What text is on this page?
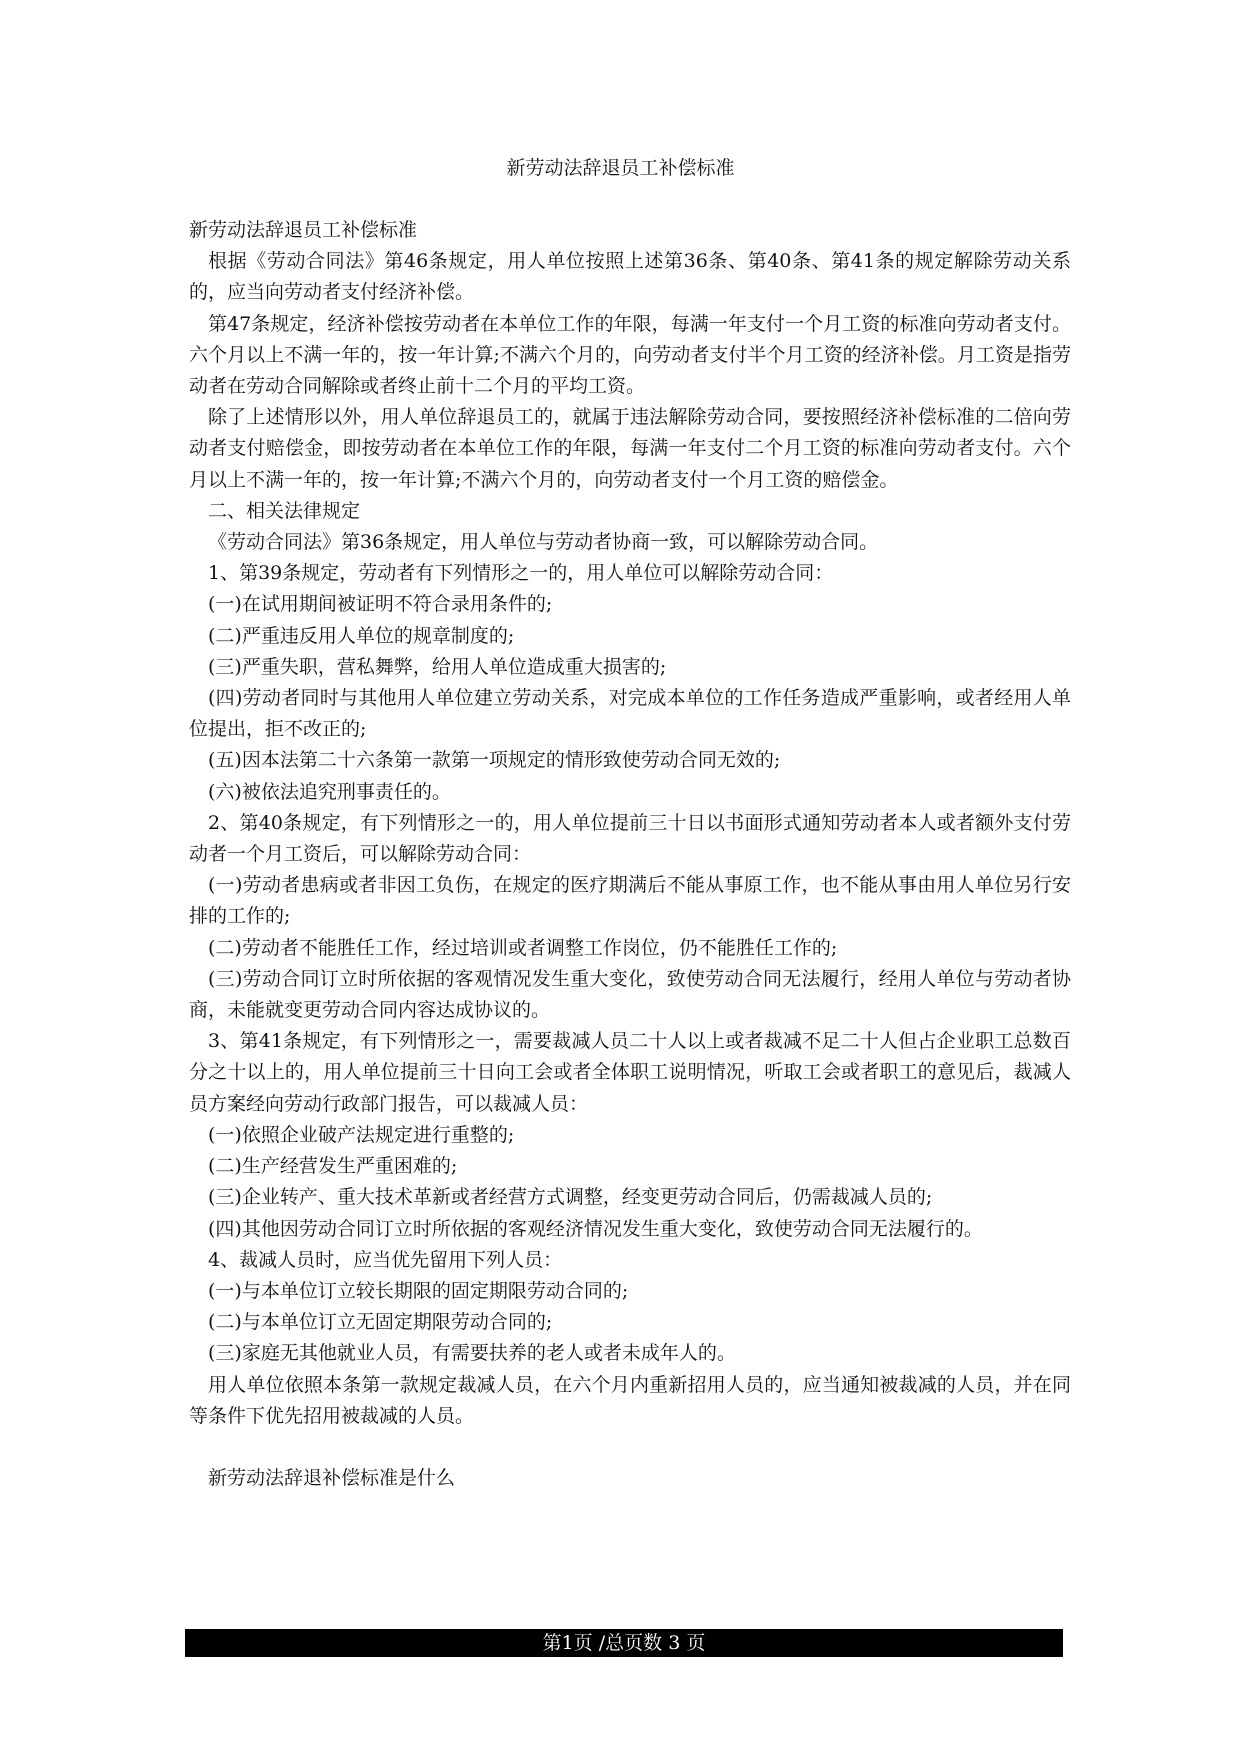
新劳动法辞退员工补偿标准

新劳动法辞退员工补偿标准

根据《劳动合同法》第46条规定，用人单位按照上述第36条、第40条、第41条的规定解除劳动关系的，应当向劳动者支付经济补偿。

第47条规定，经济补偿按劳动者在本单位工作的年限，每满一年支付一个月工资的标准向劳动者支付。六个月以上不满一年的，按一年计算;不满六个月的，向劳动者支付半个月工资的经济补偿。月工资是指劳动者在劳动合同解除或者终止前十二个月的平均工资。

除了上述情形以外，用人单位辞退员工的，就属于违法解除劳动合同，要按照经济补偿标准的二倍向劳动者支付赔偿金，即按劳动者在本单位工作的年限，每满一年支付二个月工资的标准向劳动者支付。六个月以上不满一年的，按一年计算;不满六个月的，向劳动者支付一个月工资的赔偿金。

二、相关法律规定

《劳动合同法》第36条规定，用人单位与劳动者协商一致，可以解除劳动合同。

1、第39条规定，劳动者有下列情形之一的，用人单位可以解除劳动合同：

(一)在试用期间被证明不符合录用条件的;

(二)严重违反用人单位的规章制度的;

(三)严重失职，营私舞弊，给用人单位造成重大损害的;

(四)劳动者同时与其他用人单位建立劳动关系，对完成本单位的工作任务造成严重影响，或者经用人单位提出，拒不改正的;

(五)因本法第二十六条第一款第一项规定的情形致使劳动合同无效的;

(六)被依法追究刑事责任的。

2、第40条规定，有下列情形之一的，用人单位提前三十日以书面形式通知劳动者本人或者额外支付劳动者一个月工资后，可以解除劳动合同：

(一)劳动者患病或者非因工负伤，在规定的医疗期满后不能从事原工作，也不能从事由用人单位另行安排的工作的;

(二)劳动者不能胜任工作，经过培训或者调整工作岗位，仍不能胜任工作的;

(三)劳动合同订立时所依据的客观情况发生重大变化，致使劳动合同无法履行，经用人单位与劳动者协商，未能就变更劳动合同内容达成协议的。

3、第41条规定，有下列情形之一，需要裁减人员二十人以上或者裁减不足二十人但占企业职工总数百分之十以上的，用人单位提前三十日向工会或者全体职工说明情况，听取工会或者职工的意见后，裁减人员方案经向劳动行政部门报告，可以裁减人员：

(一)依照企业破产法规定进行重整的;

(二)生产经营发生严重困难的;

(三)企业转产、重大技术革新或者经营方式调整，经变更劳动合同后，仍需裁减人员的;

(四)其他因劳动合同订立时所依据的客观经济情况发生重大变化，致使劳动合同无法履行的。

4、裁减人员时，应当优先留用下列人员：

(一)与本单位订立较长期限的固定期限劳动合同的;

(二)与本单位订立无固定期限劳动合同的;

(三)家庭无其他就业人员，有需要扶养的老人或者未成年人的。

用人单位依照本条第一款规定裁减人员，在六个月内重新招用人员的，应当通知被裁减的人员，并在同等条件下优先招用被裁减的人员。

新劳动法辞退补偿标准是什么

第1页 /总页数 3 页
